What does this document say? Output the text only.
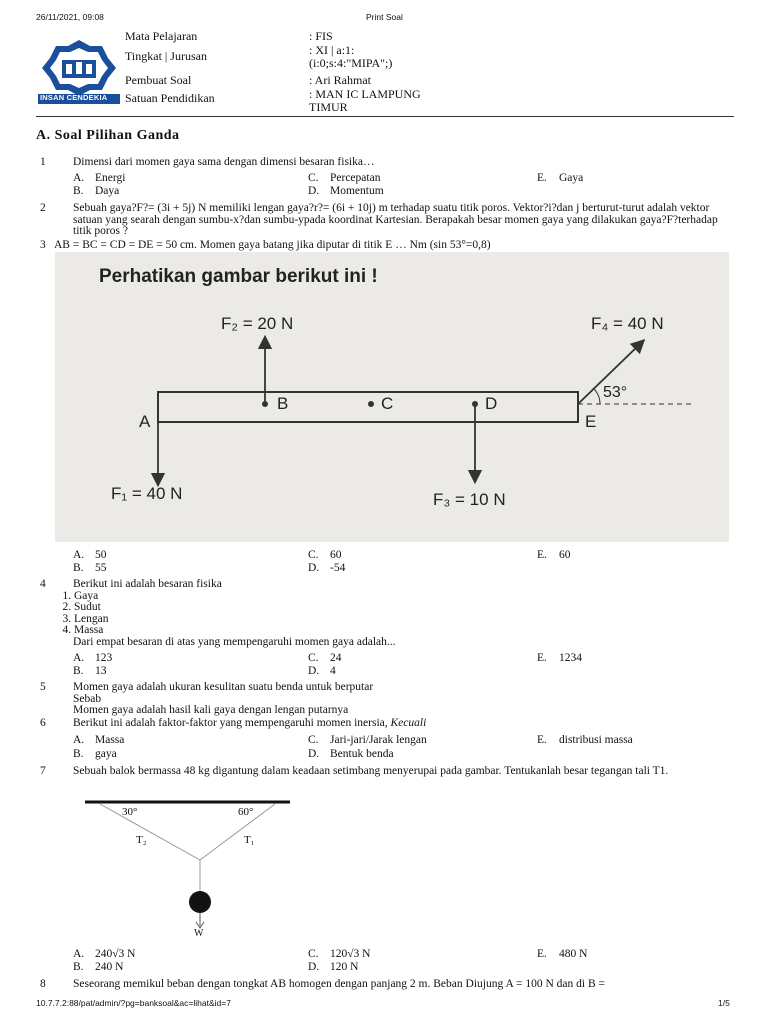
26/11/2021, 09:08	Print Soal
INSAN CENDEKIA
Mata Pelajaran	: FIS
Tingkat | Jurusan	: XI | a:1:
(i:0;s:4:"MIPA";)
Pembuat Soal	: Ari Rahmat
Satuan Pendidikan	: MAN IC LAMPUNG
TIMUR
A. Soal Pilihan Ganda
1	Dimensi dari momen gaya sama dengan dimensi besaran fisika…
A. Energi	C. Percepatan	E. Gaya
B. Daya	D. Momentum
2	Sebuah gaya?F?= (3i + 5j) N memiliki lengan gaya?r?= (6i + 10j) m terhadap suatu titik poros. Vektor?i?dan j berturut-turut adalah vektor satuan yang searah dengan sumbu-x?dan sumbu-ypada koordinat Kartesian. Berapakah besar momen gaya yang dilakukan gaya?F?terhadap titik poros ?
3 AB = BC = CD = DE = 50 cm. Momen gaya batang jika diputar di titik E … Nm (sin 53°=0,8)
Perhatikan gambar berikut ini !
F₂ = 20 N	F₄ = 40 N
F₁ = 40 N	F₃ = 10 N
53°
A
B	C	D
E
A. 50	C. 60	E. 60
B. 55	D. -54
4	Berikut ini adalah besaran fisika
1. Gaya
2. Sudut
3. Lengan
4. Massa
Dari empat besaran di atas yang mempengaruhi momen gaya adalah...
A. 123	C. 24	E. 1234
B. 13	D. 4
5	Momen gaya adalah ukuran kesulitan suatu benda untuk berputar
Sebab
Momen gaya adalah hasil kali gaya dengan lengan putarnya
6	Berikut ini adalah faktor-faktor yang mempengaruhi momen inersia, Kecuali
A. Massa	C. Jari-jari/Jarak lengan	E. distribusi massa
B. gaya	D. Bentuk benda
7	Sebuah balok bermassa 48 kg digantung dalam keadaan setimbang menyerupai pada gambar. Tentukanlah besar tegangan tali T1.
30°	60°
T₂	T₁
W
A. 240√3 N	C. 120√3 N	E. 480 N
B. 240 N	D. 120 N
8	Seseorang memikul beban dengan tongkat AB homogen dengan panjang 2 m. Beban Diujung A = 100 N dan di B =
10.7.7.2:88/pat/admin/?pg=banksoal&ac=lihat&id=7	1/5
